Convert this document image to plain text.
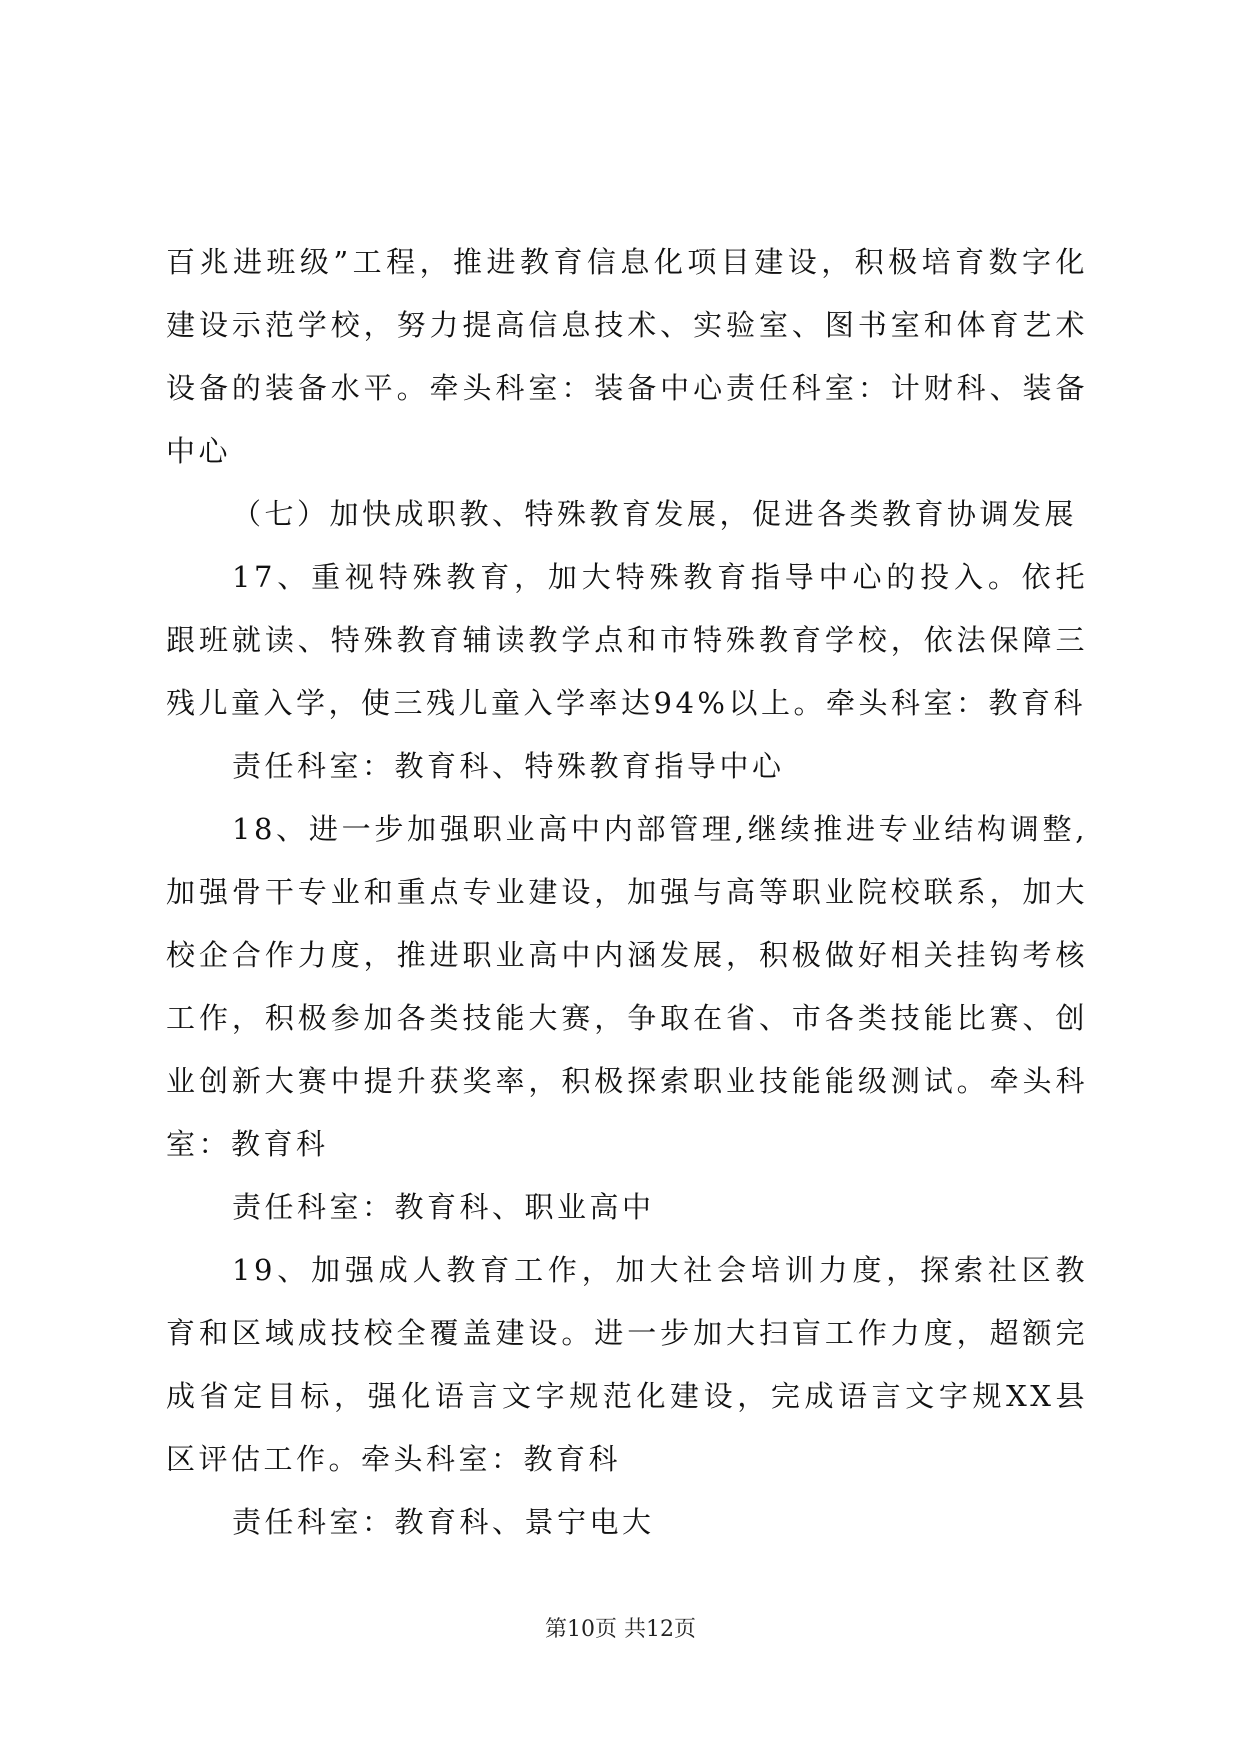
百兆进班级”工程，推进教育信息化项目建设，积极培育数字化建设示范学校，努力提高信息技术、实验室、图书室和体育艺术设备的装备水平。牵头科室：装备中心责任科室：计财科、装备中心

（七）加快成职教、特殊教育发展，促进各类教育协调发展

17、重视特殊教育，加大特殊教育指导中心的投入。依托跟班就读、特殊教育辅读教学点和市特殊教育学校，依法保障三残儿童入学，使三残儿童入学率达94%以上。牵头科室：教育科

责任科室：教育科、特殊教育指导中心

18、进一步加强职业高中内部管理,继续推进专业结构调整,加强骨干专业和重点专业建设，加强与高等职业院校联系，加大校企合作力度，推进职业高中内涵发展，积极做好相关挂钩考核工作，积极参加各类技能大赛，争取在省、市各类技能比赛、创业创新大赛中提升获奖率，积极探索职业技能能级测试。牵头科室：教育科

责任科室：教育科、职业高中

19、加强成人教育工作，加大社会培训力度，探索社区教育和区域成技校全覆盖建设。进一步加大扫盲工作力度，超额完成省定目标，强化语言文字规范化建设，完成语言文字规XX县区评估工作。牵头科室：教育科

责任科室：教育科、景宁电大

第10页 共12页
